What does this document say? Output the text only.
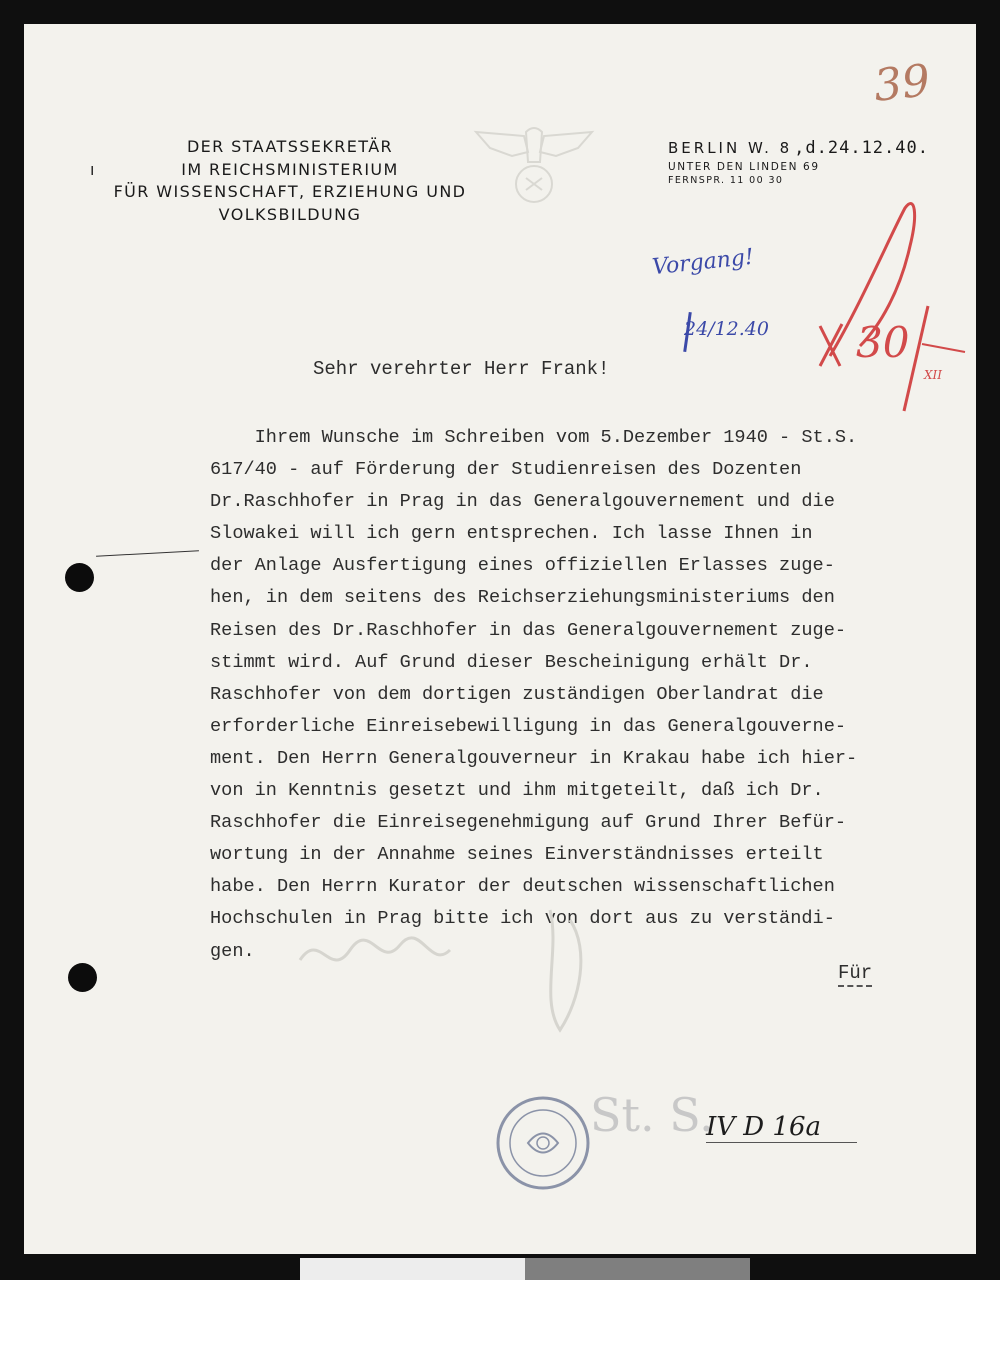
39
ı
DER STAATSSEKRETÄR
IM REICHSMINISTERIUM
FÜR WISSENSCHAFT, ERZIEHUNG UND
VOLKSBILDUNG
BERLIN W. 8 ,d.24.12.40.
UNTER DEN LINDEN 69
FERNSPR. 11 00 30
Vorgang!
24/12.40 30
XII
Sehr verehrter Herr Frank!
Ihrem Wunsche im Schreiben vom 5.Dezember 1940 - St.S.
617/40 - auf Förderung der Studienreisen des Dozenten
Dr.Raschhofer in Prag in das Generalgouvernement und die
Slowakei will ich gern entsprechen. Ich lasse Ihnen in
der Anlage Ausfertigung eines offiziellen Erlasses zuge-
hen, in dem seitens des Reichserziehungsministeriums den
Reisen des Dr.Raschhofer in das Generalgouvernement zuge-
stimmt wird. Auf Grund dieser Bescheinigung erhält Dr.
Raschhofer von dem dortigen zuständigen Oberlandrat die
erforderliche Einreisebewilligung in das Generalgouverne-
ment. Den Herrn Generalgouverneur in Krakau habe ich hier-
von in Kenntnis gesetzt und ihm mitgeteilt, daß ich Dr.
Raschhofer die Einreisegenehmigung auf Grund Ihrer Befür-
wortung in der Annahme seines Einverständnisses erteilt
habe. Den Herrn Kurator der deutschen wissenschaftlichen
Hochschulen in Prag bitte ich von dort aus zu verständi-
gen.
Für
St. S.
IV D 16a
